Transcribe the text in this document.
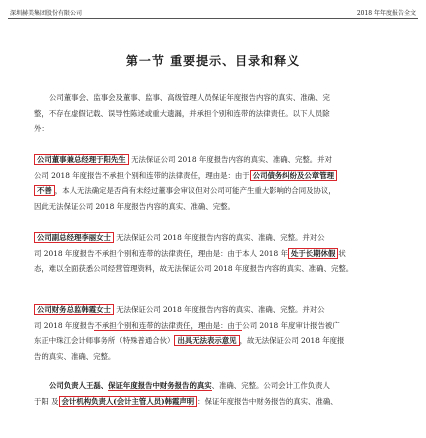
深圳赫美集团股份有限公司	2018 年年度报告全文
第一节 重要提示、目录和释义
公司董事会、监事会及董事、监事、高级管理人员保证年度报告内容的真实、准确、完
整，不存在虚假记载、误导性陈述或重大遗漏，并承担个别和连带的法律责任。以下人员除
外：
公司董事兼总经理于阳先生 无法保证公司 2018 年度报告内容的真实、准确、完整。并对
公司 2018 年度报告不承担个别和连带的法律责任，理由是：由于 公司债务纠纷及公章管理
不善 ，本人无法确定是否尚有未经过董事会审议但对公司可能产生重大影响的合同及协议，
因此无法保证公司 2018 年度报告内容的真实、准确、完整。
公司副总经理李丽女士 无法保证公司 2018 年度报告内容的真实、准确、完整。并对公
司 2018 年度报告不承担个别和连带的法律责任，理由是：由于本人 2018 年 处于长期休假 状
态，难以全面获悉公司经营管理资料，故无法保证公司 2018 年度报告内容的真实、准确、完整。
公司财务总监韩霞女士 无法保证公司 2018 年度报告内容的真实、准确、完整。并对公
司 2018 年度报告不承担个别和连带的法律责任，理由是：由于公司 2018 年度审计报告被广
东正中珠江会计师事务所（特殊普通合伙） 出具无法表示意见 ，故无法保证公司 2018 年度报
告的真实、准确、完整。
公司负责人王磊、保证年度报告中财务报告的真实、准确、完整。公司会计工作负责人
于阳 及 会计机构负责人(会计主管人员)韩霞声明 ：保证年度报告中财务报告的真实、准确、
